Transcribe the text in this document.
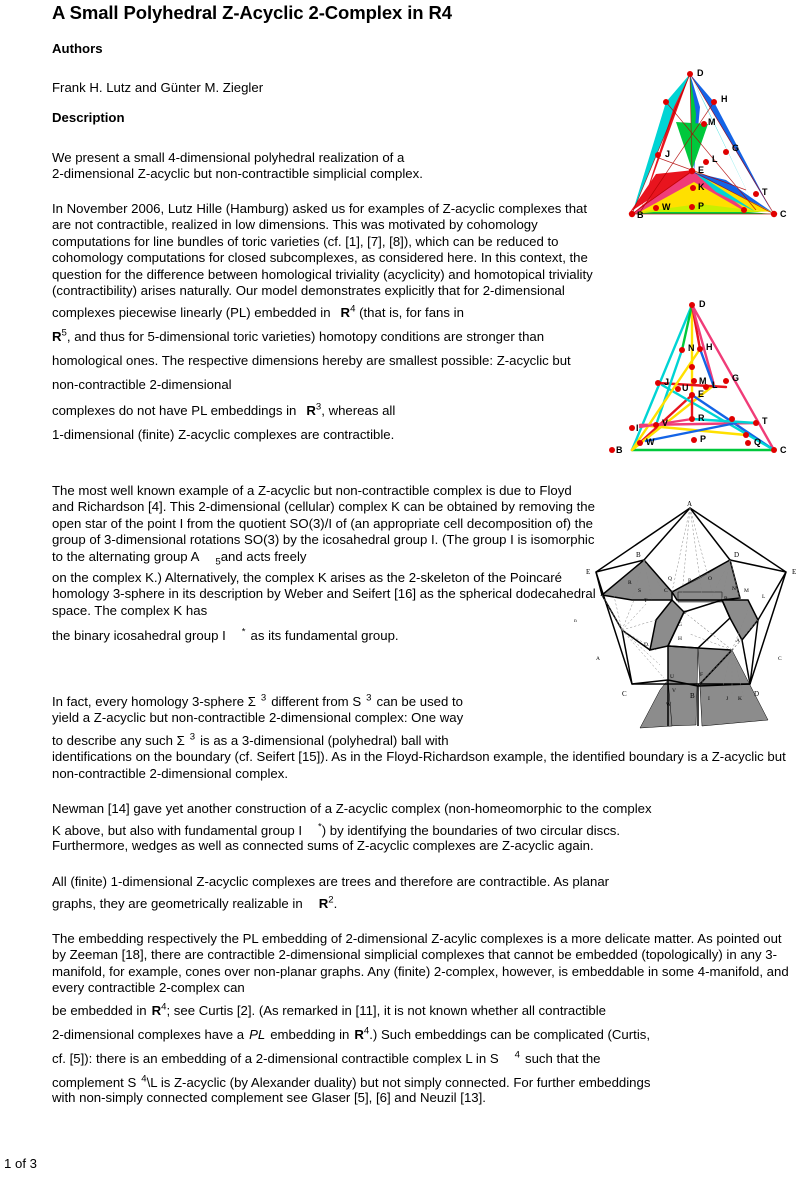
A Small Polyhedral Z-Acyclic 2-Complex in R4
Authors
Frank H. Lutz and Günter M. Ziegler
Description
We present a small 4-dimensional polyhedral realization of a
2-dimensional Z-acyclic but non-contractible simplicial complex.
In November 2006, Lutz Hille (Hamburg) asked us for examples of Z-acyclic complexes that are not contractible, realized in low dimensions. This was motivated by cohomology computations for line bundles of toric varieties (cf. [1], [7], [8]), which can be reduced to cohomology computations for closed subcomplexes, as considered here. In this context, the question for the difference between homological triviality (acyclicity) and homotopical triviality (contractibility) arises naturally. Our model demonstrates explicitly that for 2-dimensional
complexes piecewise linearly (PL) embedded in $R^4$ (that is, for fans in
$R^5$, and thus for 5-dimensional toric varieties) homotopy conditions are stronger than homological ones. The respective dimensions hereby are smallest possible: Z-acyclic but non-contractible 2-dimensional
complexes do not have PL embeddings in $R^3$, whereas all
1-dimensional (finite) Z-acyclic complexes are contractible.
The most well known example of a Z-acyclic but non-contractible complex is due to Floyd and Richardson [4]. This 2-dimensional (cellular) complex K can be obtained by removing the open star of the point I from the quotient SO(3)/I of (an appropriate cell decomposition of) the group of 3-dimensional rotations SO(3) by the icosahedral group I. (The group I is isomorphic to the alternating group A $_5$and acts freely
on the complex K.) Alternatively, the complex K arises as the 2-skeleton of the Poincaré homology 3-sphere in its description by Weber and Seifert [16] as the spherical dodecahedral space. The complex K has
the binary icosahedral group I * as its fundamental group.
In fact, every homology 3-sphere Σ $^3$ different from S $^3$ can be used to
yield a Z-acyclic but non-contractible 2-dimensional complex: One way
to describe any such Σ $^3$ is as a 3-dimensional (polyhedral) ball with
identifications on the boundary (cf. Seifert [15]). As in the Floyd-Richardson example, the identified boundary is a Z-acyclic but non-contractible 2-dimensional complex.
Newman [14] gave yet another construction of a Z-acyclic complex (non-homeomorphic to the complex
K above, but also with fundamental group I *) by identifying the boundaries of two circular discs.
Furthermore, wedges as well as connected sums of Z-acyclic complexes are Z-acyclic again.
All (finite) 1-dimensional Z-acyclic complexes are trees and therefore are contractible. As planar
graphs, they are geometrically realizable in $R^2$.
The embedding respectively the PL embedding of 2-dimensional Z-acylic complexes is a more delicate matter. As pointed out by Zeeman [18], there are contractible 2-dimensional simplicial complexes that cannot be embedded (topologically) in any 3-manifold, for example, cones over non-planar graphs. Any (finite) 2-complex, however, is embeddable in some 4-manifold, and every contractible 2-complex can
be embedded in $R^4$; see Curtis [2]. (As remarked in [11], it is not known whether all contractible
2-dimensional complexes have a PL embedding in $R^4$.) Such embeddings can be complicated (Curtis,
cf. [5]): there is an embedding of a 2-dimensional contractible complex L in S $^4$ such that the
complement S $^4$\L is Z-acyclic (by Alexander duality) but not simply connected. For further embeddings
with non-simply connected complement see Glaser [5], [6] and Neuzil [13].
1 of 3
D
H
M
J
G
E
L
K	T
W	P
B	C
D
N H
M
J
U	L
G
E
R
V	T
I
W	P	Q
B	C
A
B	D
E	E
C	B	D
Q	P	O
C
B
N M
L
R
S
T
F
G
H	A
D
A
U
V
W
F
I	J K
C
n
